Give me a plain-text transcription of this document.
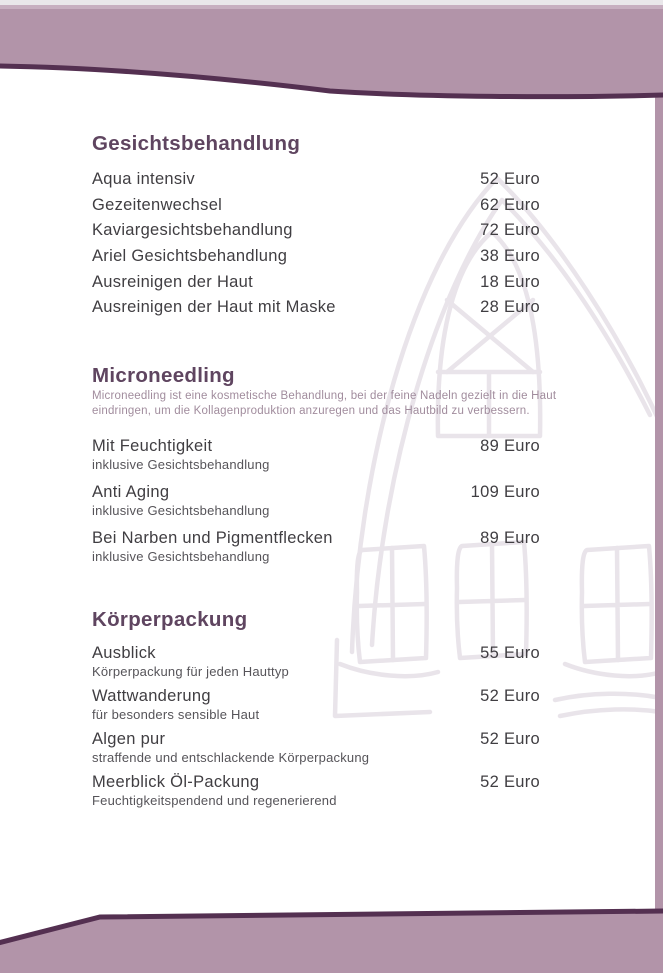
Gesichtsbehandlung
Aqua intensiv	52 Euro
Gezeitenwechsel	62 Euro
Kaviargesichtsbehandlung	72 Euro
Ariel Gesichtsbehandlung	38 Euro
Ausreinigen der Haut	18 Euro
Ausreinigen der Haut mit Maske	28 Euro
Microneedling

Microneedling ist eine kosmetische Behandlung, bei der feine Nadeln gezielt in die Haut eindringen, um die Kollagenproduktion anzuregen und das Hautbild zu verbessern.

Mit Feuchtigkeit
inklusive Gesichtsbehandlung
89 Euro
Anti Aging
inklusive Gesichtsbehandlung
109 Euro
Bei Narben und Pigmentflecken
inklusive Gesichtsbehandlung
89 Euro
Körperpackung
Ausblick
Körperpackung für jeden Hauttyp
55 Euro
Wattwanderung
für besonders sensible Haut
52 Euro
Algen pur
straffende und entschlackende Körperpackung
52 Euro
Meerblick Öl-Packung
Feuchtigkeitspendend und regenerierend
52 Euro
